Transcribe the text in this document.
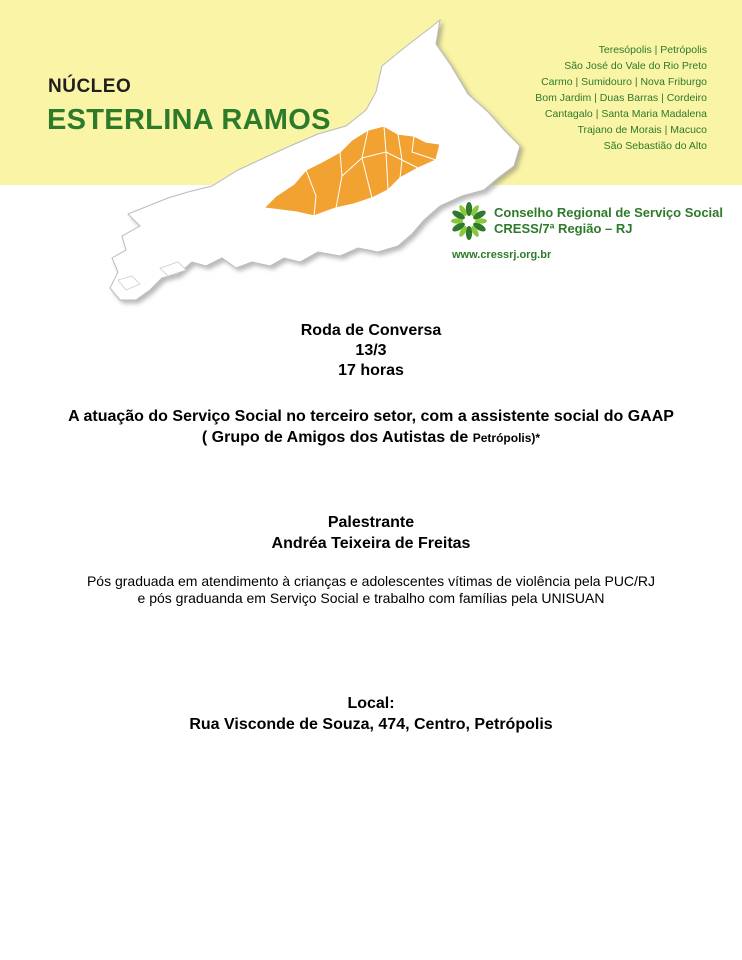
NÚCLEO
ESTERLINA RAMOS
Teresópolis | Petrópolis
São José do Vale do Rio Preto
Carmo | Sumidouro | Nova Friburgo
Bom Jardim | Duas Barras | Cordeiro
Cantagalo | Santa Maria Madalena
Trajano de Morais | Macuco
São Sebastião do Alto
Conselho Regional de Serviço Social
CRESS/7ª Região – RJ
www.cressrj.org.br
Roda de Conversa
13/3
17 horas
A atuação do Serviço Social no terceiro setor, com a assistente social do GAAP
( Grupo de Amigos dos Autistas de Petrópolis)*
Palestrante
Andréa Teixeira de Freitas
Pós graduada em atendimento à crianças e adolescentes vítimas de violência pela PUC/RJ
e pós graduanda em Serviço Social e trabalho com famílias pela UNISUAN
Local:
Rua Visconde de Souza, 474, Centro, Petrópolis
